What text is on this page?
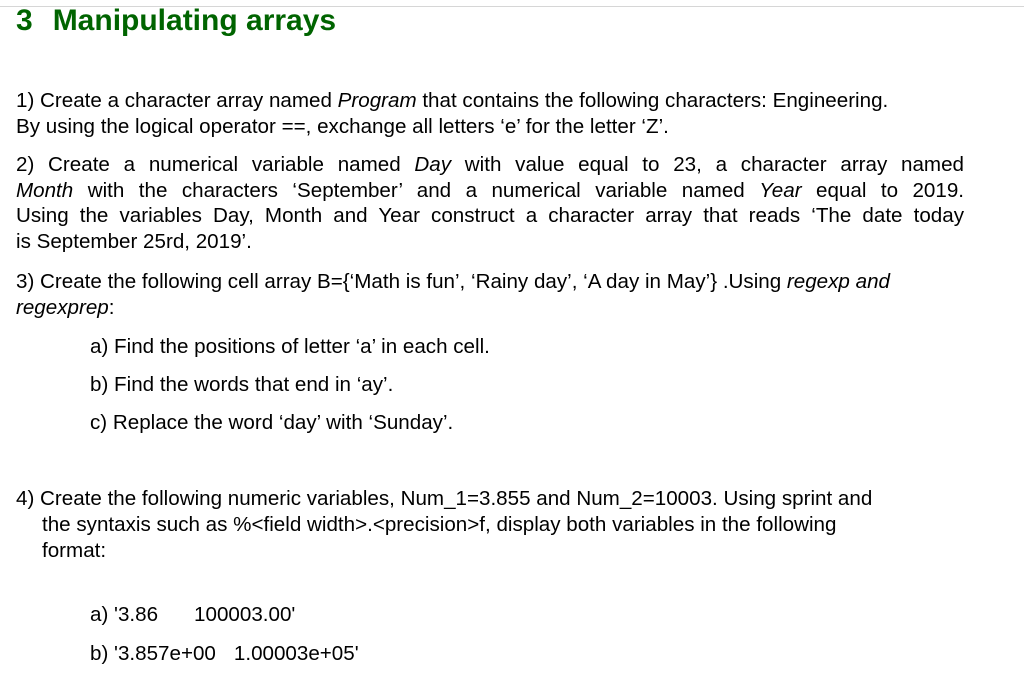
3 Manipulating arrays
1) Create a character array named Program that contains the following characters: Engineering.
By using the logical operator ==, exchange all letters ‘e’ for the letter ‘Z’.
2) Create a numerical variable named Day with value equal to 23, a character array named
Month with the characters ‘September’ and a numerical variable named Year equal to 2019.
Using the variables Day, Month and Year construct a character array that reads ‘The date today
is September 25rd, 2019’.
3) Create the following cell array B={‘Math is fun’, ‘Rainy day’, ‘A day in May’} .Using regexp and
regexprep:
a) Find the positions of letter ‘a’ in each cell.
b) Find the words that end in ‘ay’.
c) Replace the word ‘day’ with ‘Sunday’.
4) Create the following numeric variables, Num_1=3.855 and Num_2=10003. Using sprint and
the syntaxis such as %<field width>.<precision>f, display both variables in the following
format:
a) '3.86 100003.00'
b) '3.857e+00 1.00003e+05'
